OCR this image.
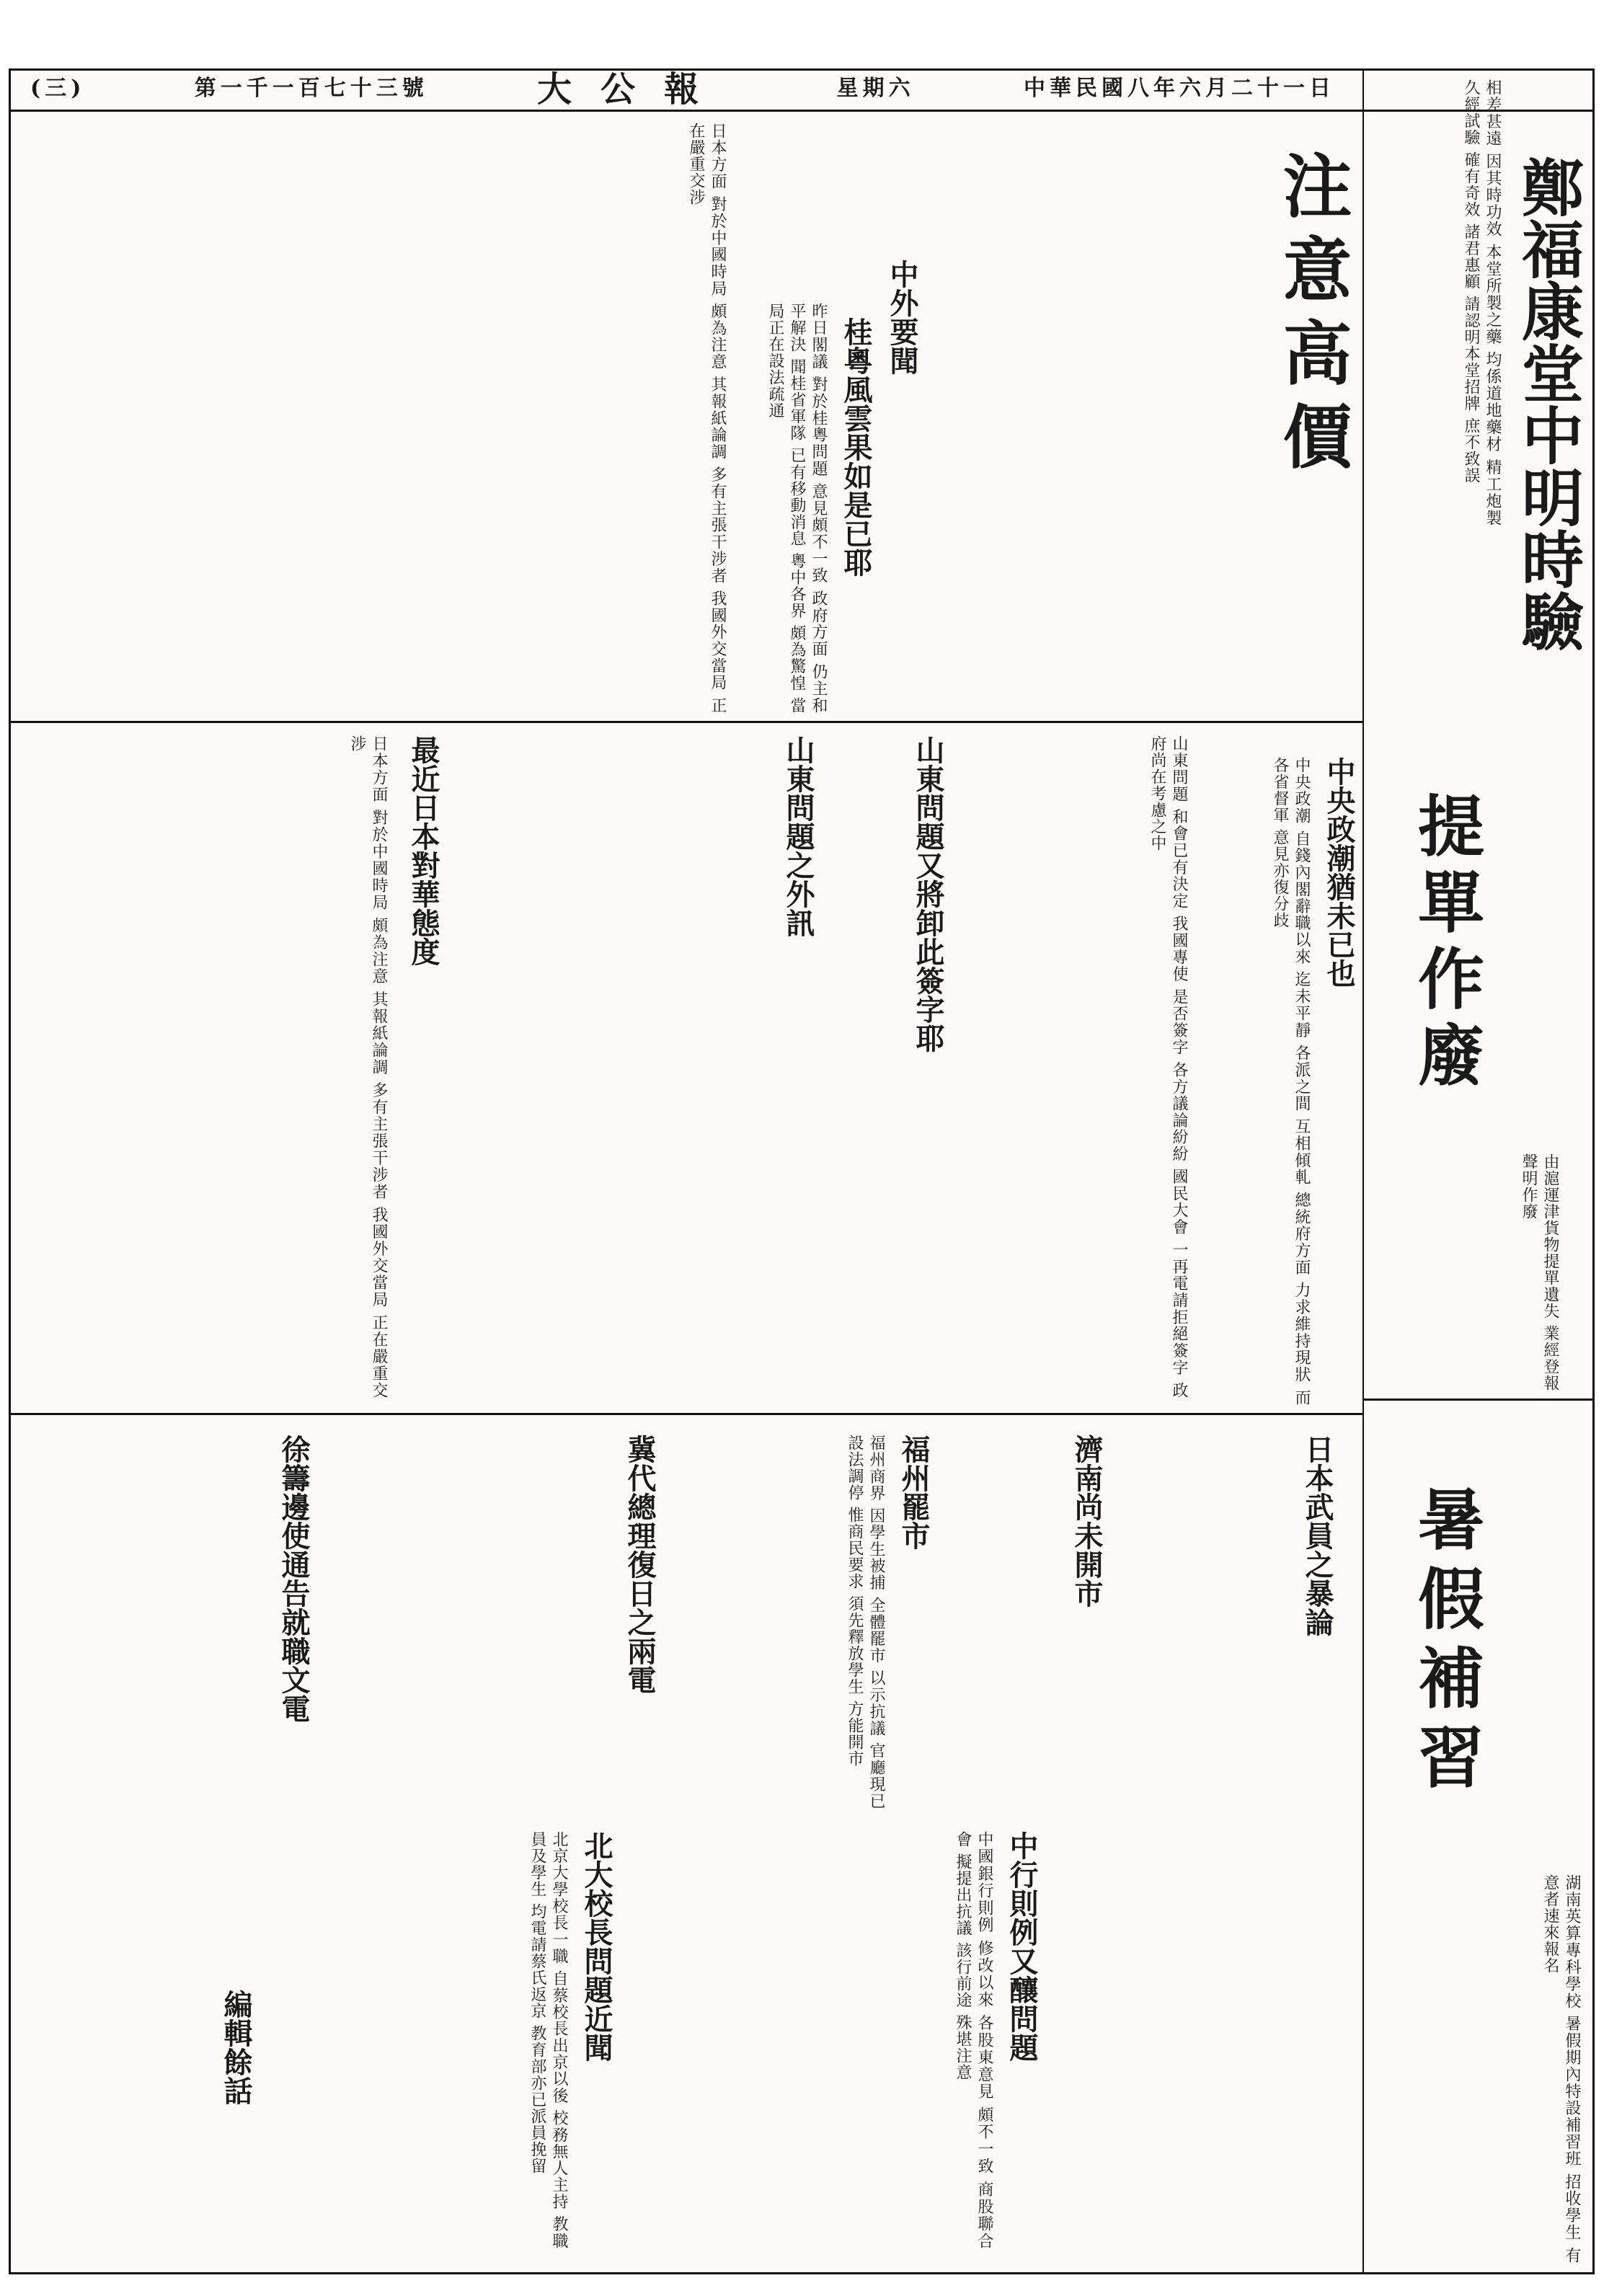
中華民國八年六月二十一日
星期六
大公報
第一千一百七十三號
(三)
鄭福康堂中明時驗
相差甚遠 因其時功效 本堂所製之藥 均係道地藥材 精工炮製 久經試驗 確有奇效 諸君惠顧 請認明本堂招牌 庶不致誤
提單作廢
由滬運津貨物提單遺失 業經登報聲明作廢
暑假補習
湖南英算專科學校 暑假期內特設補習班 招收學生 有意者速來報名
注意高價
中外要聞
桂粵風雲果如是已耶
昨日閣議 對於桂粵問題 意見頗不一致 政府方面 仍主和平解決 聞桂省軍隊 已有移動消息 粵中各界 頗為驚惶 當局正在設法疏通
中央政潮猶未已也
中央政潮 自錢內閣辭職以來 迄未平靜 各派之間 互相傾軋 總統府方面 力求維持現狀 而各省督軍 意見亦復分歧
日本方面 對於中國時局 頗為注意 其報紙論調 多有主張干涉者 我國外交當局 正在嚴重交涉
山東問題又將卸此簽字耶	山東問題 和會已有決定 我國專使 是否簽字 各方議論紛紛 國民大會 一再電請拒絕簽字 政府尚在考慮之中
山東問題之外訊
最近日本對華態度
日本方面 對於中國時局 頗為注意 其報紙論調 多有主張干涉者 我國外交當局 正在嚴重交涉
日本武員之暴論
濟南尚未開市
福州罷市
福州商界 因學生被捕 全體罷市 以示抗議 官廳現已設法調停 惟商民要求 須先釋放學生 方能開市
冀代總理復日之兩電
徐籌邊使通告就職文電
中行則例又釀問題
中國銀行則例 修改以來 各股東意見 頗不一致 商股聯合會 擬提出抗議 該行前途 殊堪注意
北大校長問題近聞
北京大學校長一職 自蔡校長出京以後 校務無人主持 教職員及學生 均電請蔡氏返京 教育部亦已派員挽留
編輯餘話
